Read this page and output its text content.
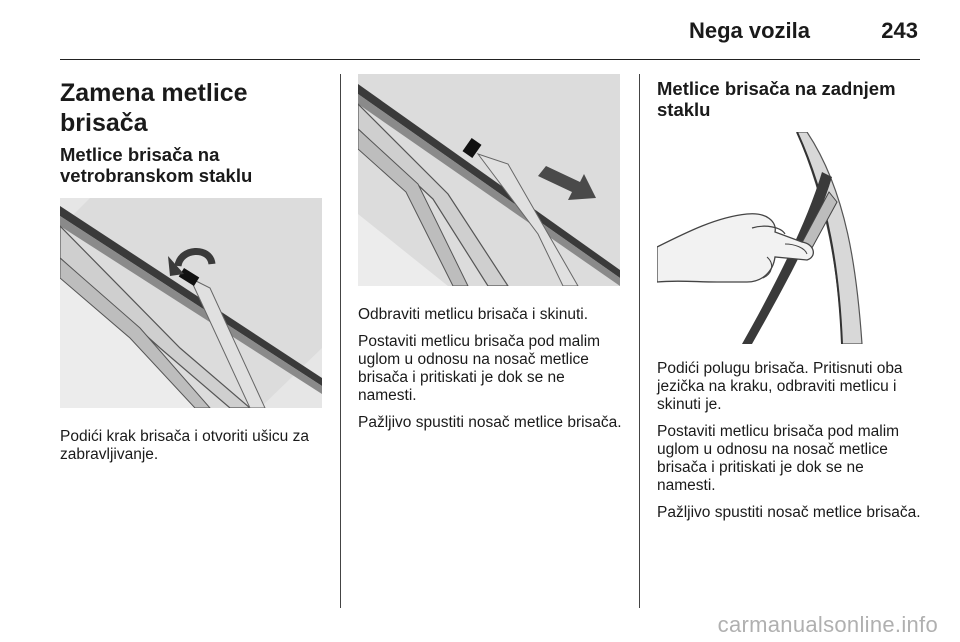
Nega vozila	243
Zamena metlice brisača
Metlice brisača na vetrobranskom staklu

Podići krak brisača i otvoriti ušicu za zabravljivanje.

Odbraviti metlicu brisača i skinuti.

Postaviti metlicu brisača pod malim uglom u odnosu na nosač metlice brisača i pritiskati je dok se ne namesti.

Pažljivo spustiti nosač metlice brisača.

Metlice brisača na zadnjem staklu

Podići polugu brisača. Pritisnuti oba jezička na kraku, odbraviti metlicu i skinuti je.

Postaviti metlicu brisača pod malim uglom u odnosu na nosač metlice brisača i pritiskati je dok se ne namesti.

Pažljivo spustiti nosač metlice brisača.

carmanualsonline.info
